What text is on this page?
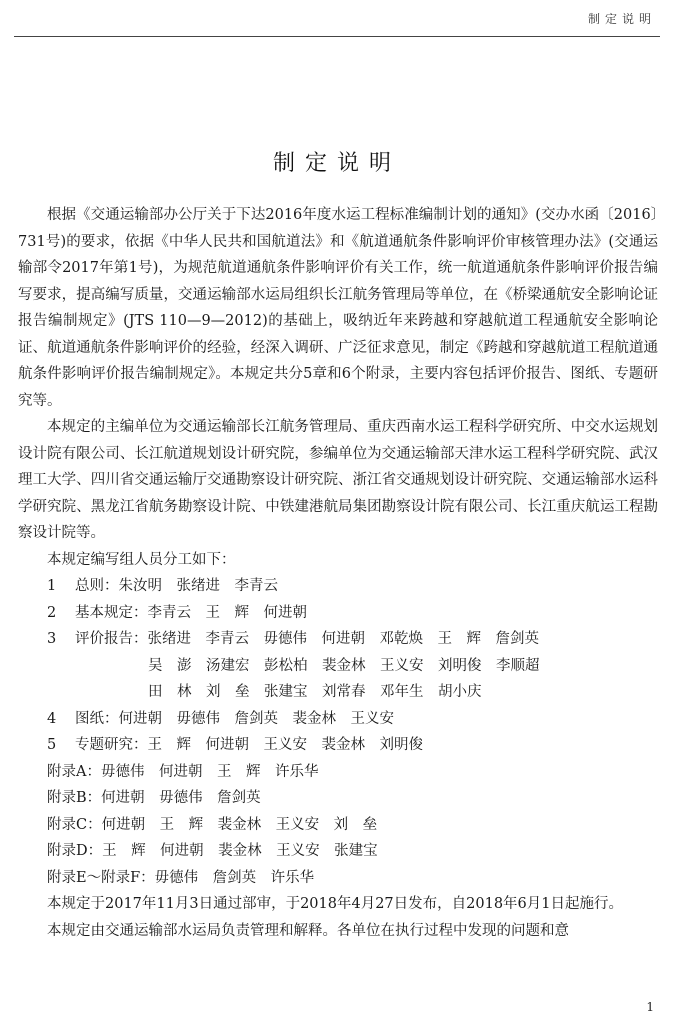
制定说明
制定说明

根据《交通运输部办公厅关于下达2016年度水运工程标准编制计划的通知》(交办水函〔2016〕731号)的要求，依据《中华人民共和国航道法》和《航道通航条件影响评价审核管理办法》(交通运输部令2017年第1号)，为规范航道通航条件影响评价有关工作，统一航道通航条件影响评价报告编写要求，提高编写质量，交通运输部水运局组织长江航务管理局等单位，在《桥梁通航安全影响论证报告编制规定》(JTS 110—9—2012)的基础上，吸纳近年来跨越和穿越航道工程通航安全影响论证、航道通航条件影响评价的经验，经深入调研、广泛征求意见，制定《跨越和穿越航道工程航道通航条件影响评价报告编制规定》。本规定共分5章和6个附录，主要内容包括评价报告、图纸、专题研究等。

本规定的主编单位为交通运输部长江航务管理局、重庆西南水运工程科学研究所、中交水运规划设计院有限公司、长江航道规划设计研究院，参编单位为交通运输部天津水运工程科学研究院、武汉理工大学、四川省交通运输厅交通勘察设计研究院、浙江省交通规划设计研究院、交通运输部水运科学研究院、黑龙江省航务勘察设计院、中铁建港航局集团勘察设计院有限公司、长江重庆航运工程勘察设计院等。

本规定编写组人员分工如下：
1 总则：朱汝明　张绪进　李青云
2 基本规定：李青云　王　辉　何进朝
3 评价报告：张绪进　李青云　毋德伟　何进朝　邓乾焕　王　辉　詹剑英
吴　澎　汤建宏　彭松柏　裴金林　王义安　刘明俊　李顺超
田　林　刘　垒　张建宝　刘常春　邓年生　胡小庆
4 图纸：何进朝　毋德伟　詹剑英　裴金林　王义安
5 专题研究：王　辉　何进朝　王义安　裴金林　刘明俊
附录A：毋德伟　何进朝　王　辉　许乐华
附录B：何进朝　毋德伟　詹剑英
附录C：何进朝　王　辉　裴金林　王义安　刘　垒
附录D：王　辉　何进朝　裴金林　王义安　张建宝
附录E～附录F：毋德伟　詹剑英　许乐华

本规定于2017年11月3日通过部审，于2018年4月27日发布，自2018年6月1日起施行。

本规定由交通运输部水运局负责管理和解释。各单位在执行过程中发现的问题和意

1
